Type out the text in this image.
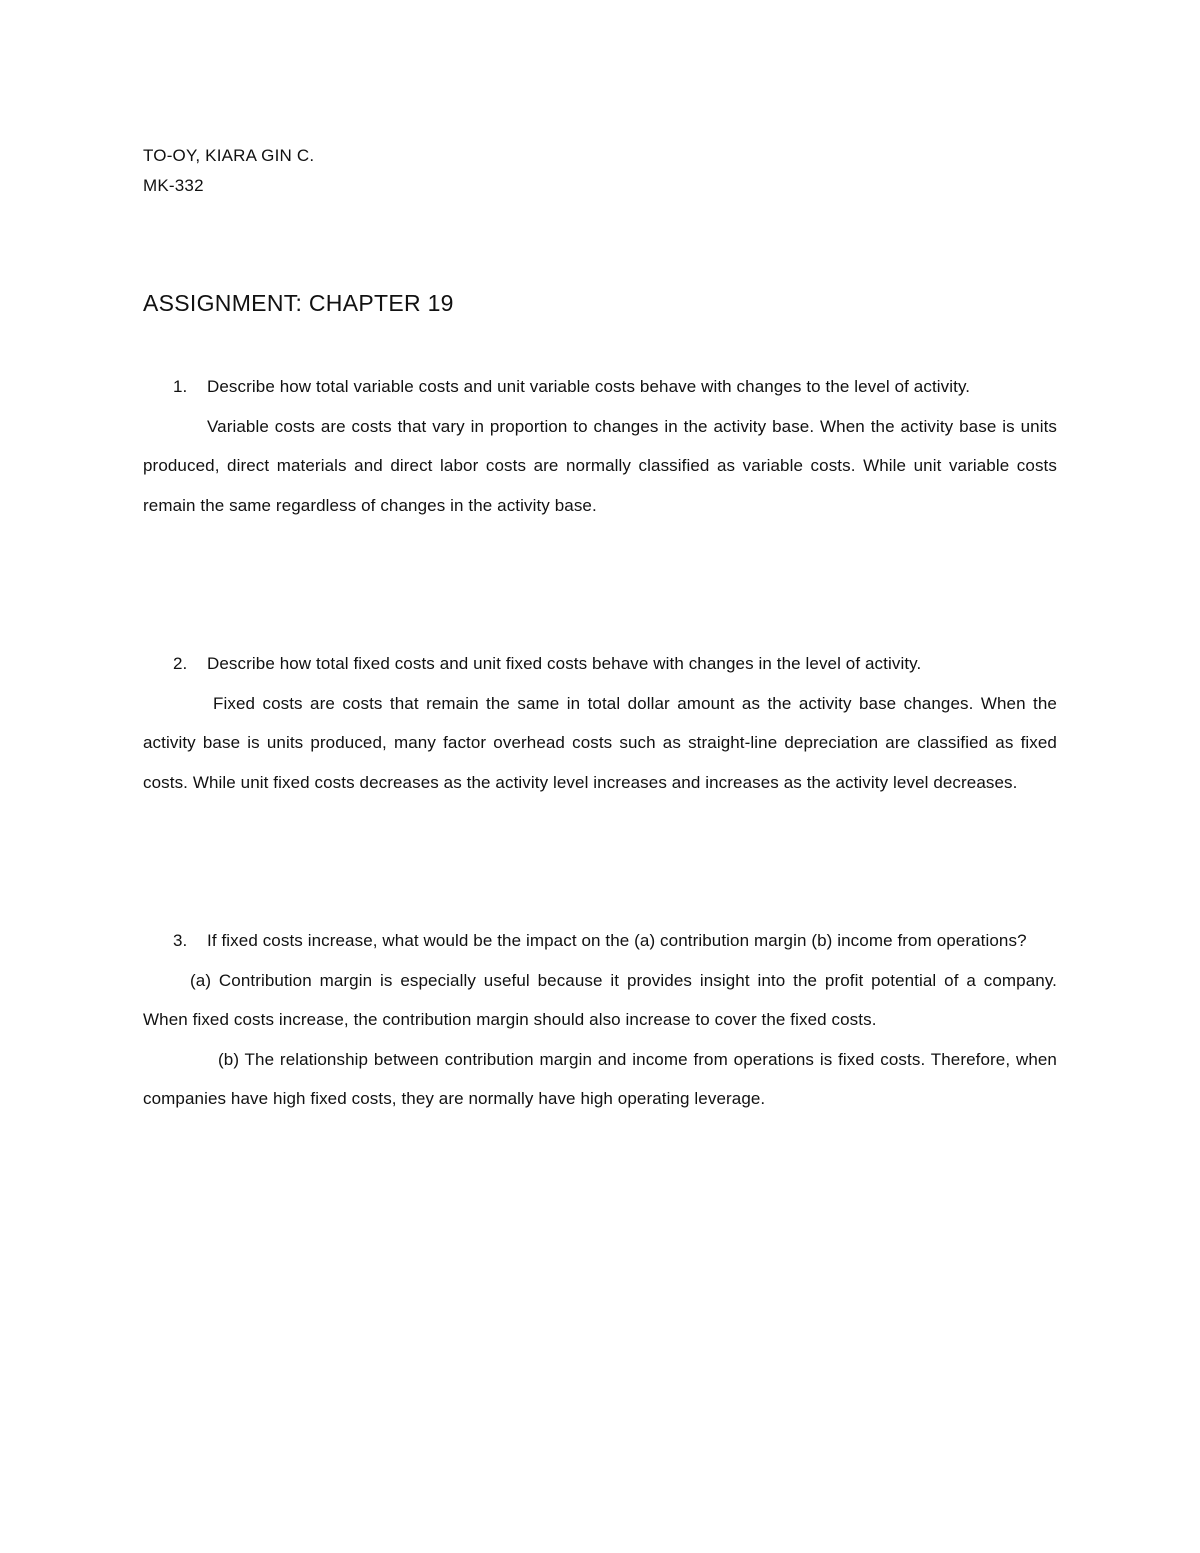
TO-OY, KIARA GIN C.
MK-332
ASSIGNMENT: CHAPTER 19
1.	Describe how total variable costs and unit variable costs behave with changes to the level of activity.
Variable costs are costs that vary in proportion to changes in the activity base. When the activity base is units produced, direct materials and direct labor costs are normally classified as variable costs. While unit variable costs remain the same regardless of changes in the activity base.
2.	Describe how total fixed costs and unit fixed costs behave with changes in the level of activity.
Fixed costs are costs that remain the same in total dollar amount as the activity base changes. When the activity base is units produced, many factor overhead costs such as straight-line depreciation are classified as fixed costs. While unit fixed costs decreases as the activity level increases and increases as the activity level decreases.
3.	If fixed costs increase, what would be the impact on the (a) contribution margin (b) income from operations?
(a) Contribution margin is especially useful because it provides insight into the profit potential of a company. When fixed costs increase, the contribution margin should also increase to cover the fixed costs.
(b) The relationship between contribution margin and income from operations is fixed costs. Therefore, when companies have high fixed costs, they are normally have high operating leverage.
